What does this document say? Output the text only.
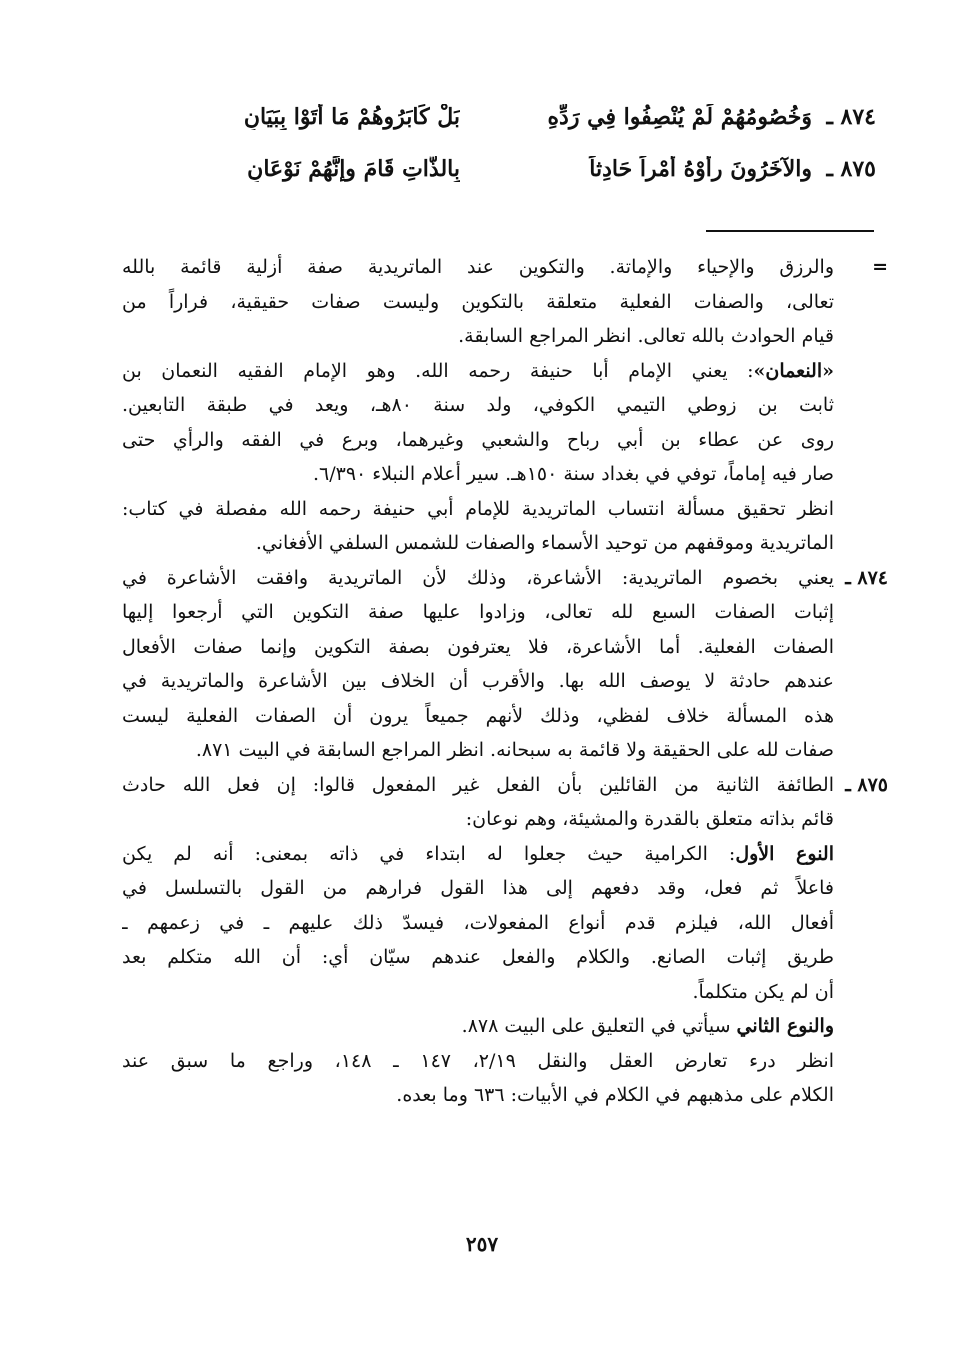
٨٧٤ ـ
وَخُصُومُهُمْ لَمْ يُنْصِفُوا فِي رَدِّهِ
بَلْ كَابَرُوهُمْ مَا أَتَوْا بِبَيَانِ
٨٧٥ ـ
والآخَرُونَ رأَوْهُ أَمْراً حَادِثاً
بِالذَّاتِ قَامَ وإِنَّهُمْ نَوْعَانِ
=
والرزق والإحياء والإماتة. والتكوين عند الماتريدية صفة أزلية قائمة بالله
تعالى، والصفات الفعلية متعلقة بالتكوين وليست صفات حقيقية، فراراً من
قيام الحوادث بالله تعالى. انظر المراجع السابقة.
«النعمان»: يعني الإمام أبا حنيفة رحمه الله. وهو الإمام الفقيه النعمان بن
ثابت بن زوطي التيمي الكوفي، ولد سنة ٨٠هـ، ويعد في طبقة التابعين.
روى عن عطاء بن أبي رباح والشعبي وغيرهما، وبرع في الفقه والرأي حتى
صار فيه إماماً، توفي في بغداد سنة ١٥٠هـ. سير أعلام النبلاء ٦/٣٩٠.
انظر تحقيق مسألة انتساب الماتريدية للإمام أبي حنيفة رحمه الله مفصلة في كتاب:
الماتريدية وموقفهم من توحيد الأسماء والصفات للشمس السلفي الأفغاني.
٨٧٤ ـ
يعني بخصوم الماتريدية: الأشاعرة، وذلك لأن الماتريدية وافقت الأشاعرة في
إثبات الصفات السبع لله تعالى، وزادوا عليها صفة التكوين التي أرجعوا إليها
الصفات الفعلية. أما الأشاعرة، فلا يعترفون بصفة التكوين وإنما صفات الأفعال
عندهم حادثة لا يوصف الله بها. والأقرب أن الخلاف بين الأشاعرة والماتريدية في
هذه المسألة خلاف لفظي، وذلك لأنهم جميعاً يرون أن الصفات الفعلية ليست
صفات لله على الحقيقة ولا قائمة به سبحانه. انظر المراجع السابقة في البيت ٨٧١.
٨٧٥ ـ
الطائفة الثانية من القائلين بأن الفعل غير المفعول قالوا: إن فعل الله حادث
قائم بذاته متعلق بالقدرة والمشيئة، وهم نوعان:
النوع الأول: الكرامية حيث جعلوا له ابتداء في ذاته بمعنى: أنه لم يكن
فاعلاً ثم فعل، وقد دفعهم إلى هذا القول فرارهم من القول بالتسلسل في
أفعال الله، فيلزم قدم أنواع المفعولات، فيسدّ ذلك عليهم ـ في زعمهم ـ
طريق إثبات الصانع. والكلام والفعل عندهم سيّان أي: أن الله متكلم بعد
أن لم يكن متكلماً.
والنوع الثاني سيأتي في التعليق على البيت ٨٧٨.
انظر درء تعارض العقل والنقل ٢/١٩، ١٤٧ ـ ١٤٨، وراجع ما سبق عند
الكلام على مذهبهم في الكلام في الأبيات: ٦٣٦ وما بعده.
٢٥٧
